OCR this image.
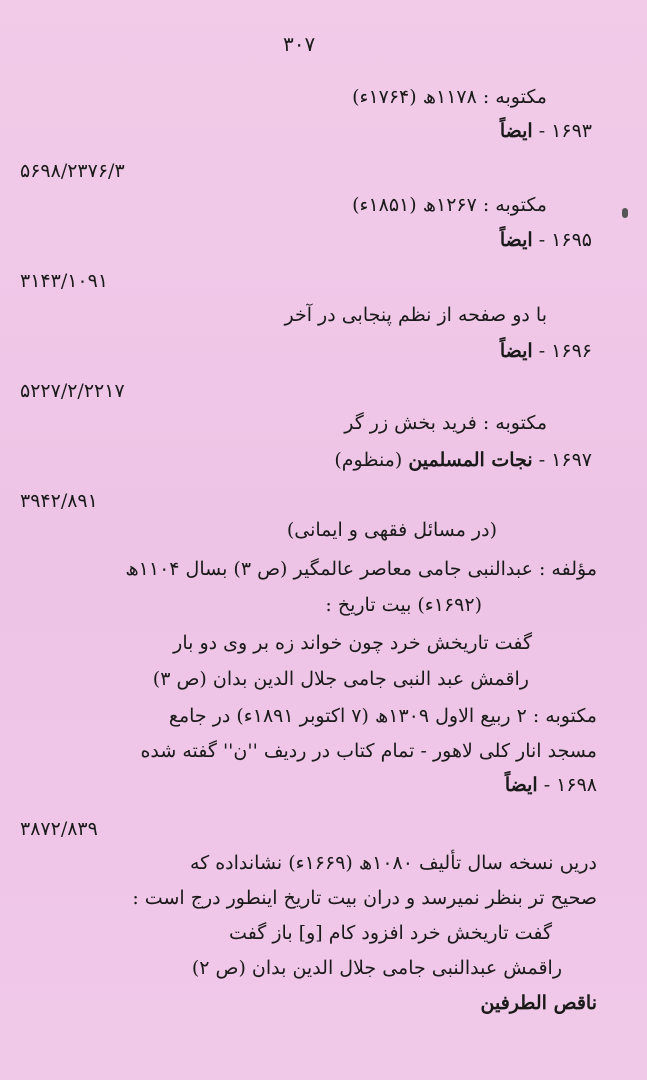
۳۰۷
مکتوبه : ۱۱۷۸ھ (۱۷۶۴ء)
۱۶۹۳ - ایضاً
۵۶۹۸/۲۳۷۶/۳
مکتوبه : ۱۲۶۷ھ (۱۸۵۱ء)
۱۶۹۵ - ایضاً
۳۱۴۳/۱۰۹۱
با دو صفحه از نظم پنجابی در آخر
۱۶۹۶ - ایضاً
۵۲۲۷/۲/۲۲۱۷
مکتوبه : فرید بخش زر گر
۱۶۹۷ - نجات المسلمین (منظوم)
۳۹۴۲/۸۹۱
(در مسائل فقهی و ایمانی)
مؤلفه : عبدالنبی جامی معاصر عالمگیر (ص ۳) بسال ۱۱۰۴ھ
(۱۶۹۲ء) بیت تاریخ :
گفت تاریخش خرد چون خواند زه بر وی دو بار
راقمش عبد النبی جامی جلال الدین بدان (ص ۳)
مکتوبه : ۲ ربیع الاول ۱۳۰۹ھ (۷ اکتوبر ۱۸۹۱ء) در جامع
مسجد انار کلی لاهور - تمام کتاب در ردیف ''ن'' گفته شده
۱۶۹۸ - ایضاً
۳۸۷۲/۸۳۹
دریں نسخه سال تألیف ۱۰۸۰ھ (۱۶۶۹ء) نشانداده که
صحیح تر بنظر نمیرسد و دران بیت تاریخ اینطور درج است :
گفت تاریخش خرد افزود کام [و] باز گفت
راقمش عبدالنبی جامی جلال الدین بدان (ص ۲)
ناقص الطرفین
